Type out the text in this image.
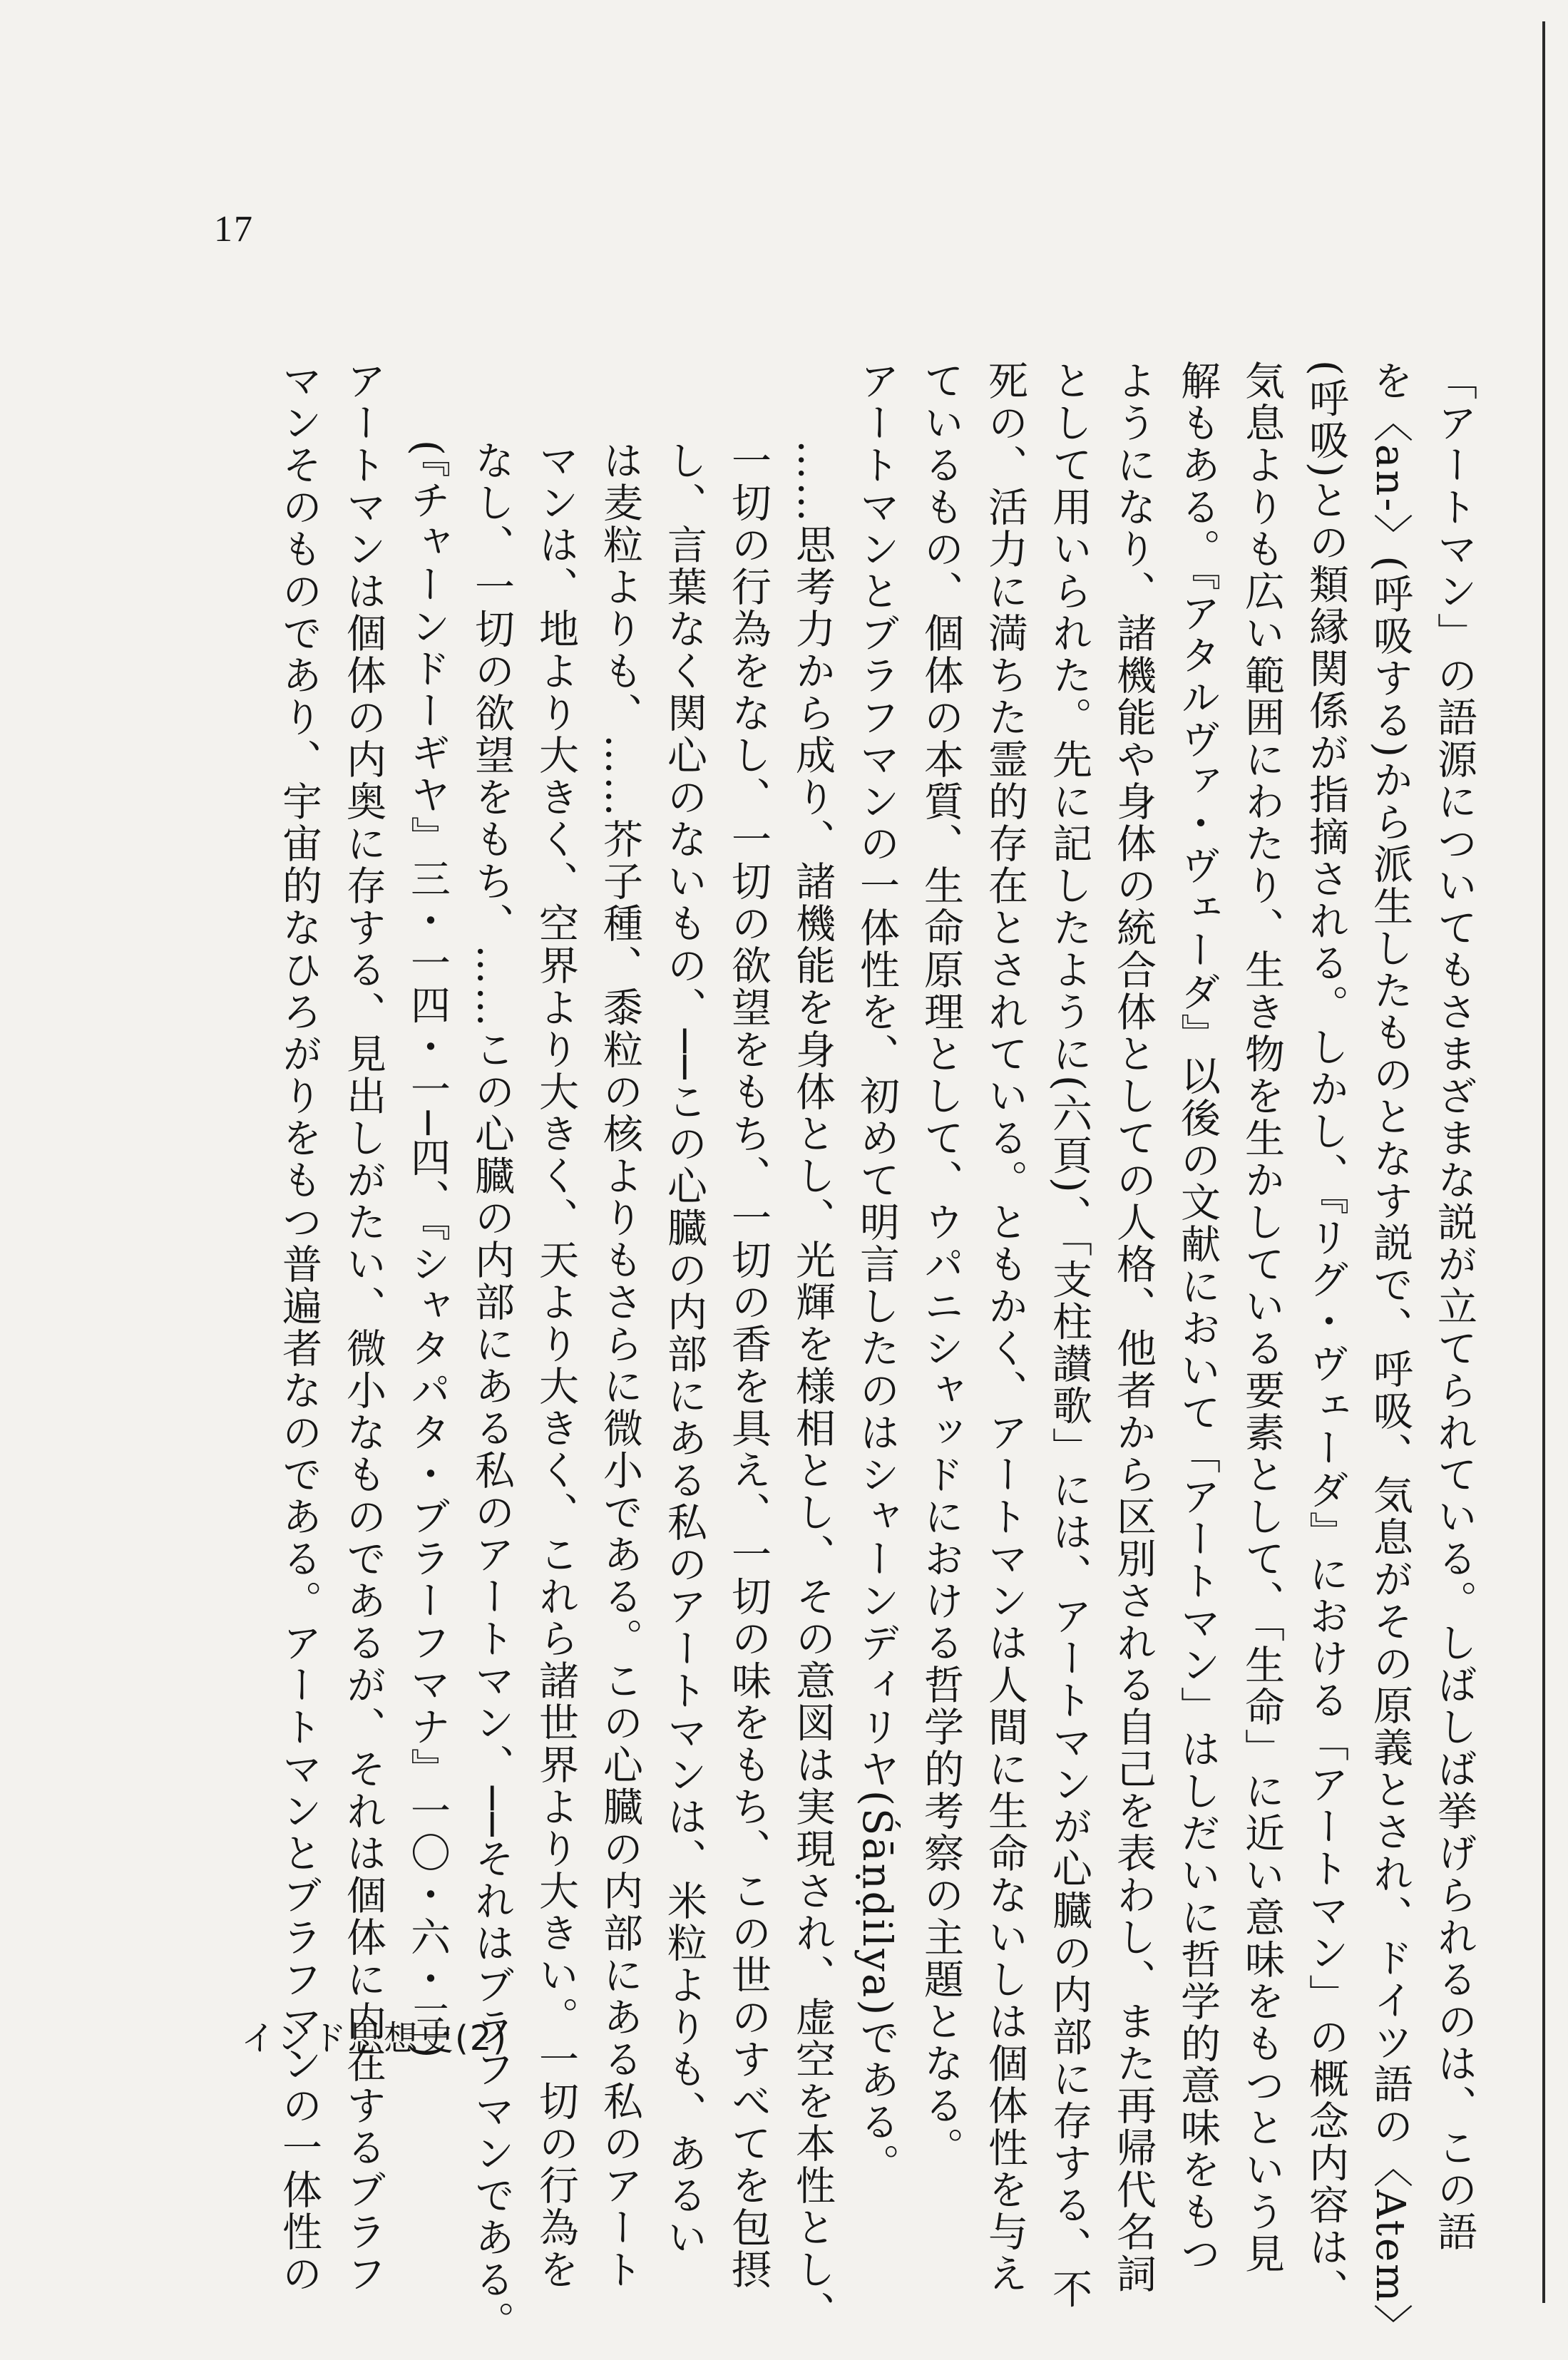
17
「アートマン」の語源についてもさまざまな説が立てられている。しばしば挙げられるのは、この語
を〈an-〉(呼吸する)から派生したものとなす説で、呼吸、気息がその原義とされ、ドイツ語の〈Atem〉
(呼吸)との類縁関係が指摘される。しかし、『リグ・ヴェーダ』における「アートマン」の概念内容は、
気息よりも広い範囲にわたり、生き物を生かしている要素として、「生命」に近い意味をもつという見
解もある。『アタルヴァ・ヴェーダ』以後の文献において「アートマン」はしだいに哲学的意味をもつ
ようになり、諸機能や身体の統合体としての人格、他者から区別される自己を表わし、また再帰代名詞
として用いられた。先に記したように(六頁)、「支柱讃歌」には、アートマンが心臓の内部に存する、不
死の、活力に満ちた霊的存在とされている。ともかく、アートマンは人間に生命ないしは個体性を与え
ているもの、個体の本質、生命原理として、ウパニシャッドにおける哲学的考察の主題となる。
アートマンとブラフマンの一体性を、初めて明言したのはシャーンディリヤ(Śāṇḍilya)である。
……思考力から成り、諸機能を身体とし、光輝を様相とし、その意図は実現され、虚空を本性とし、
一切の行為をなし、一切の欲望をもち、一切の香を具え、一切の味をもち、この世のすべてを包摂
し、言葉なく関心のないもの、──この心臓の内部にある私のアートマンは、米粒よりも、あるい
は麦粒よりも、……芥子種、黍粒の核よりもさらに微小である。この心臓の内部にある私のアート
マンは、地より大きく、空界より大きく、天より大きく、これら諸世界より大きい。一切の行為を
なし、一切の欲望をもち、……この心臓の内部にある私のアートマン、──それはブラフマンである。
(『チャーンドーギヤ』三・一四・一─四、『シャタパタ・ブラーフマナ』一〇・六・三)
アートマンは個体の内奥に存する、見出しがたい、微小なものであるが、それは個体に内在するブラフ
マンそのものであり、宇宙的なひろがりをもつ普遍者なのである。アートマンとブラフマンの一体性の
インド思想史(2)
